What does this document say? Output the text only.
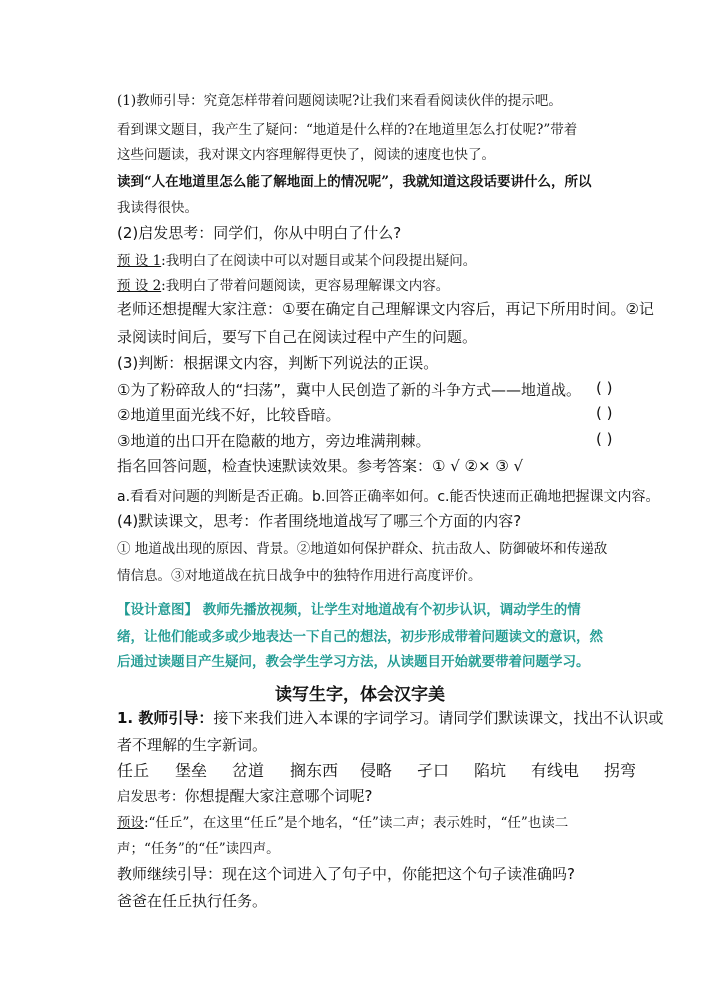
(1)教师引导：究竟怎样带着问题阅读呢?让我们来看看阅读伙伴的提示吧。
看到课文题目，我产生了疑问：“地道是什么样的?在地道里怎么打仗呢?”带着
这些问题读，我对课文内容理解得更快了，阅读的速度也快了。
读到“人在地道里怎么能了解地面上的情况呢”，我就知道这段话要讲什么，所以
我读得很快。
(2)启发思考：同学们，你从中明白了什么?
预 设 1:我明白了在阅读中可以对题目或某个问段提出疑问。
预 设 2:我明白了带着问题阅读，更容易理解课文内容。
老师还想提醒大家注意：①要在确定自己理解课文内容后，再记下所用时间。②记
录阅读时间后，要写下自己在阅读过程中产生的问题。
(3)判断：根据课文内容，判断下列说法的正误。
①为了粉碎敌人的“扫荡”，冀中人民创造了新的斗争方式——地道战。 ( )
②地道里面光线不好，比较昏暗。	( )
③地道的出口开在隐蔽的地方，旁边堆满荆棘。	( )
指名回答问题，检查快速默读效果。参考答案：① √ ②× ③ √
a.看看对问题的判断是否正确。b.回答正确率如何。c.能否快速而正确地把握课文内容。
(4)默读课文，思考：作者围绕地道战写了哪三个方面的内容?
① 地道战出现的原因、背景。②地道如何保护群众、抗击敌人、防御破坏和传递敌
情信息。③对地道战在抗日战争中的独特作用进行高度评价。
【设计意图】 教师先播放视频，让学生对地道战有个初步认识，调动学生的情
绪，让他们能或多或少地表达一下自己的想法，初步形成带着问题读文的意识，然
后通过读题目产生疑问，教会学生学习方法，从读题目开始就要带着问题学习。
读写生字，体会汉字美
1. 教师引导：接下来我们进入本课的字词学习。请同学们默读课文，找出不认识或
者不理解的生字新词。
任丘 堡垒 岔道 搁东西 侵略 孑口 陷坑 有线电 拐弯
启发思考：你想提醒大家注意哪个词呢?
预设:“任丘”，在这里“任丘”是个地名，“任”读二声；表示姓时，“任”也读二
声；“任务”的“任”读四声。
教师继续引导：现在这个词进入了句子中，你能把这个句子读准确吗?
爸爸在任丘执行任务。
